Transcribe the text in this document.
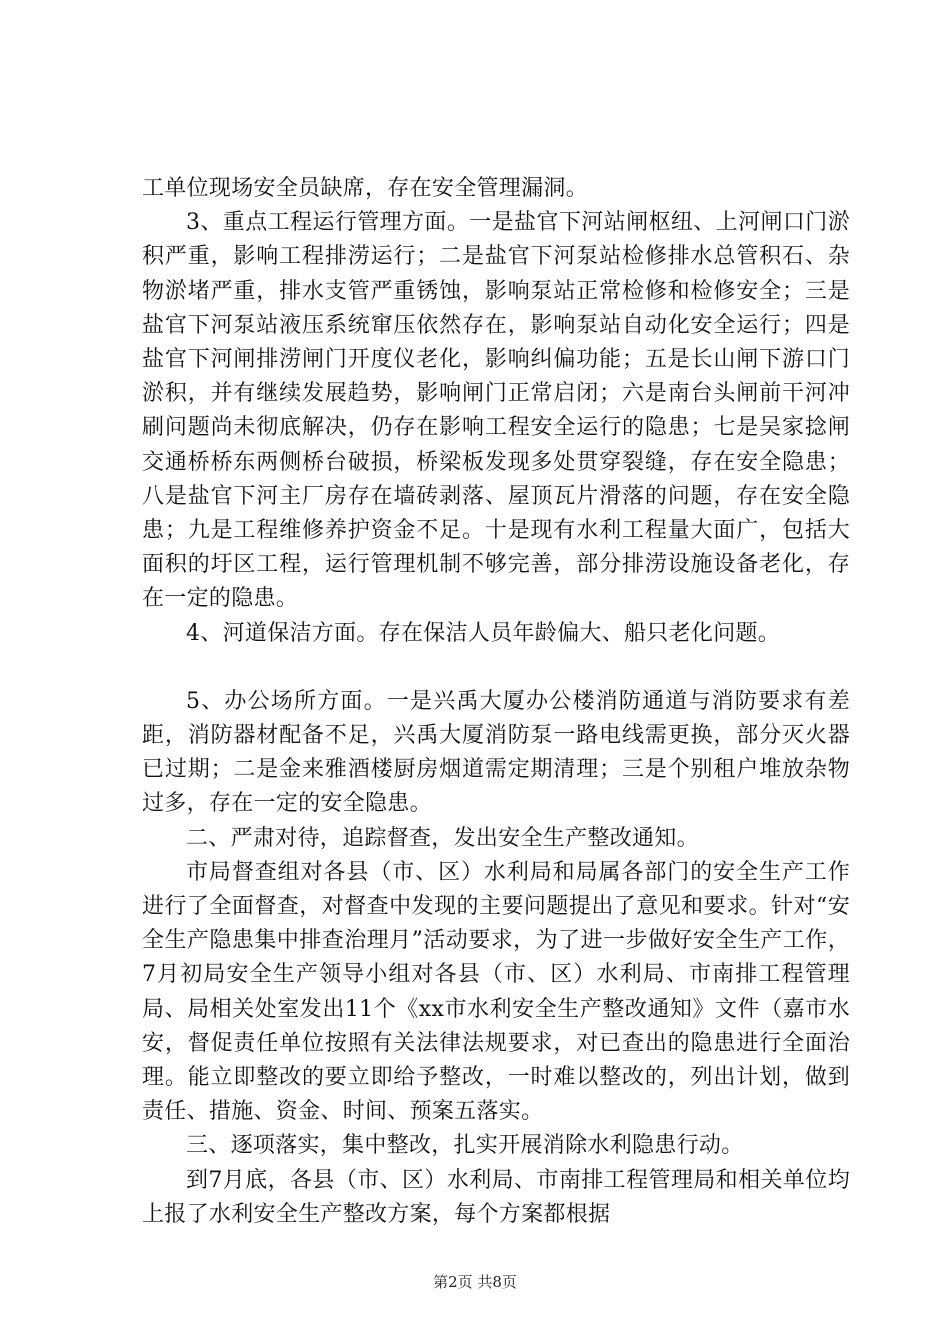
工单位现场安全员缺席，存在安全管理漏洞。

3、重点工程运行管理方面。一是盐官下河站闸枢纽、上河闸口门淤积严重，影响工程排涝运行；二是盐官下河泵站检修排水总管积石、杂物淤堵严重，排水支管严重锈蚀，影响泵站正常检修和检修安全；三是盐官下河泵站液压系统窜压依然存在，影响泵站自动化安全运行；四是盐官下河闸排涝闸门开度仪老化，影响纠偏功能；五是长山闸下游口门淤积，并有继续发展趋势，影响闸门正常启闭；六是南台头闸前干河冲刷问题尚未彻底解决，仍存在影响工程安全运行的隐患；七是吴家捻闸交通桥桥东两侧桥台破损，桥梁板发现多处贯穿裂缝，存在安全隐患；八是盐官下河主厂房存在墙砖剥落、屋顶瓦片滑落的问题，存在安全隐患；九是工程维修养护资金不足。十是现有水利工程量大面广，包括大面积的圩区工程，运行管理机制不够完善，部分排涝设施设备老化，存在一定的隐患。

4、河道保洁方面。存在保洁人员年龄偏大、船只老化问题。

5、办公场所方面。一是兴禹大厦办公楼消防通道与消防要求有差距，消防器材配备不足，兴禹大厦消防泵一路电线需更换，部分灭火器已过期；二是金来雅酒楼厨房烟道需定期清理；三是个别租户堆放杂物过多，存在一定的安全隐患。

二、严肃对待，追踪督查，发出安全生产整改通知。

市局督查组对各县（市、区）水利局和局属各部门的安全生产工作进行了全面督查，对督查中发现的主要问题提出了意见和要求。针对“安全生产隐患集中排查治理月”活动要求，为了进一步做好安全生产工作，7月初局安全生产领导小组对各县（市、区）水利局、市南排工程管理局、局相关处室发出11个《xx市水利安全生产整改通知》文件（嘉市水安，督促责任单位按照有关法律法规要求，对已查出的隐患进行全面治理。能立即整改的要立即给予整改，一时难以整改的，列出计划，做到责任、措施、资金、时间、预案五落实。

三、逐项落实，集中整改，扎实开展消除水利隐患行动。

到7月底，各县（市、区）水利局、市南排工程管理局和相关单位均上报了水利安全生产整改方案，每个方案都根据

第2页 共8页
